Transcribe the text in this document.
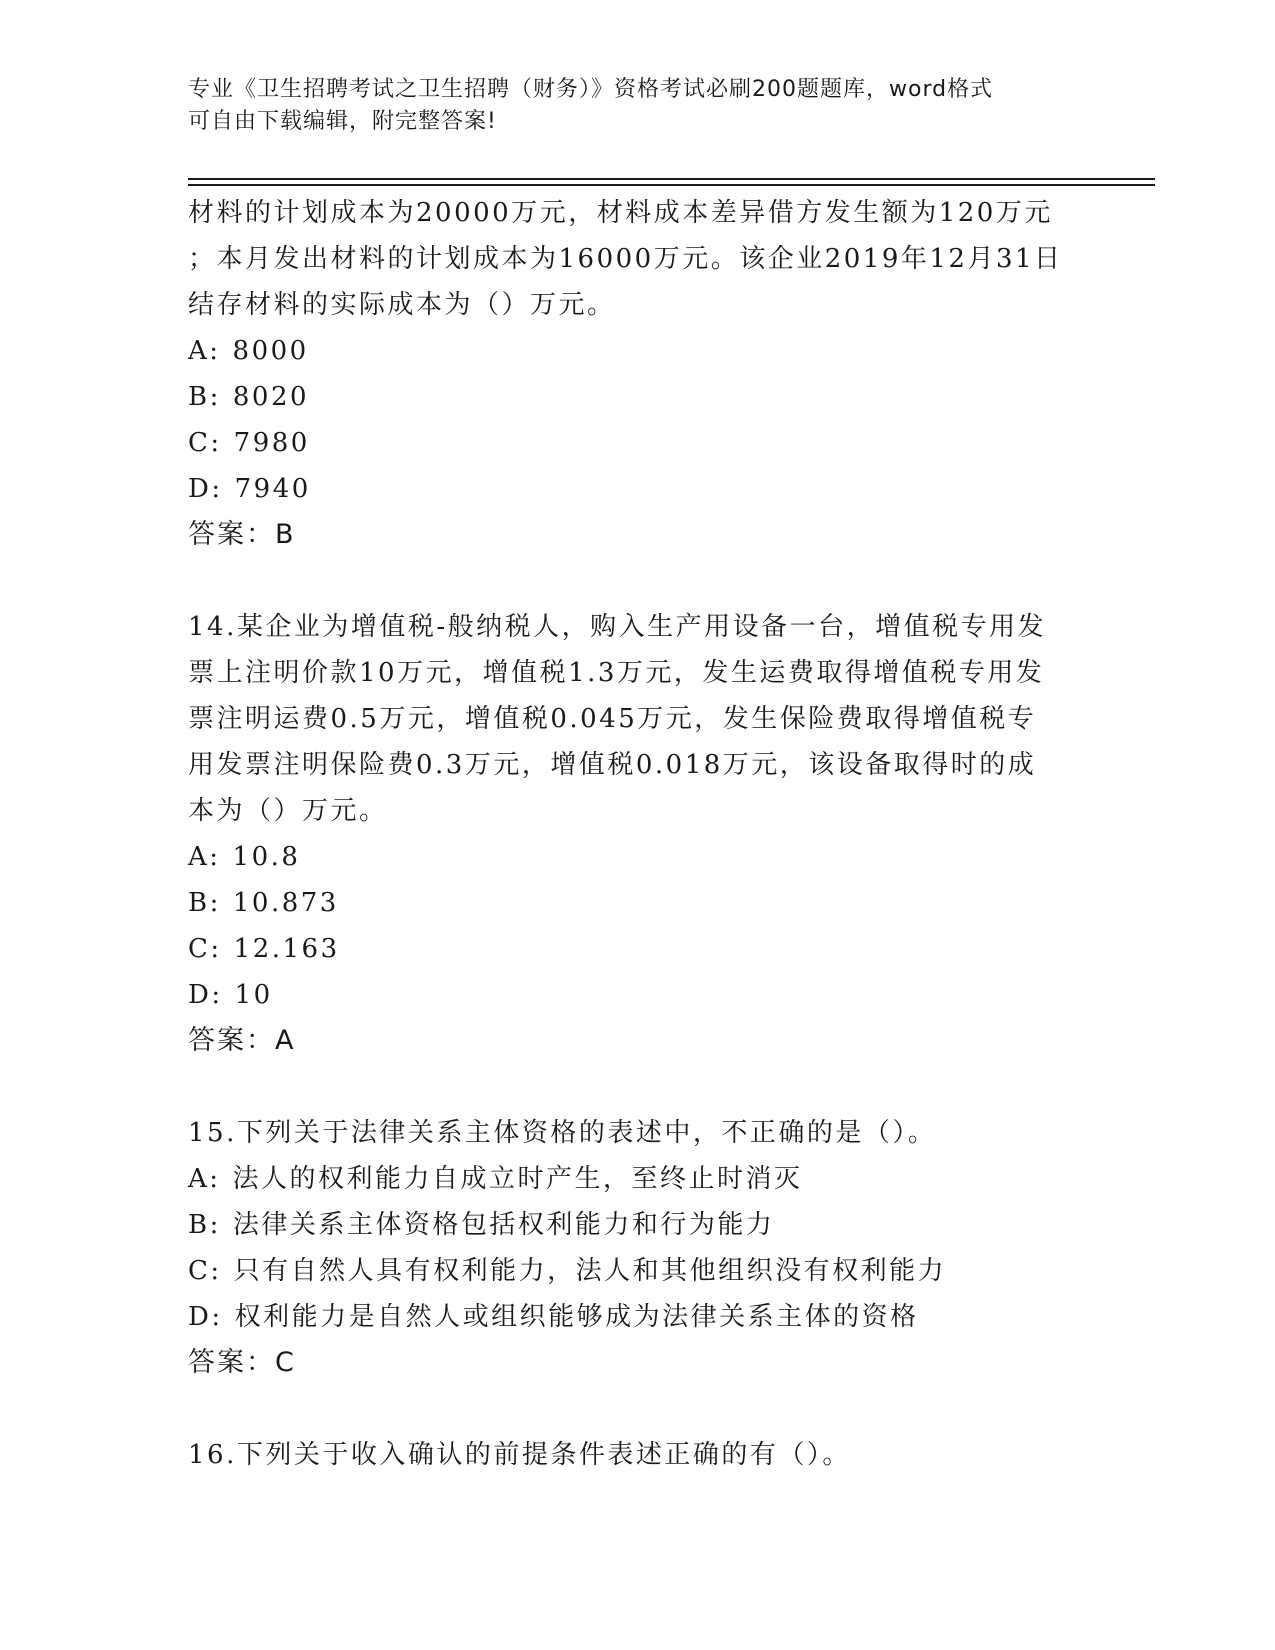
专业《卫生招聘考试之卫生招聘（财务）》资格考试必刷200题题库，word格式
可自由下载编辑，附完整答案!
材料的计划成本为20000万元，材料成本差异借方发生额为120万元
；本月发出材料的计划成本为16000万元。该企业2019年12月31日
结存材料的实际成本为（）万元。
A: 8000
B: 8020
C: 7980
D: 7940
答案：B
14.某企业为增值税-般纳税人，购入生产用设备一台，增值税专用发
票上注明价款10万元，增值税1.3万元，发生运费取得增值税专用发
票注明运费0.5万元，增值税0.045万元，发生保险费取得增值税专
用发票注明保险费0.3万元，增值税0.018万元，该设备取得时的成
本为（）万元。
A: 10.8
B: 10.873
C: 12.163
D: 10
答案：A
15.下列关于法律关系主体资格的表述中，不正确的是（）。
A: 法人的权利能力自成立时产生，至终止时消灭
B: 法律关系主体资格包括权利能力和行为能力
C: 只有自然人具有权利能力，法人和其他组织没有权利能力
D: 权利能力是自然人或组织能够成为法律关系主体的资格
答案：C
16.下列关于收入确认的前提条件表述正确的有（）。
